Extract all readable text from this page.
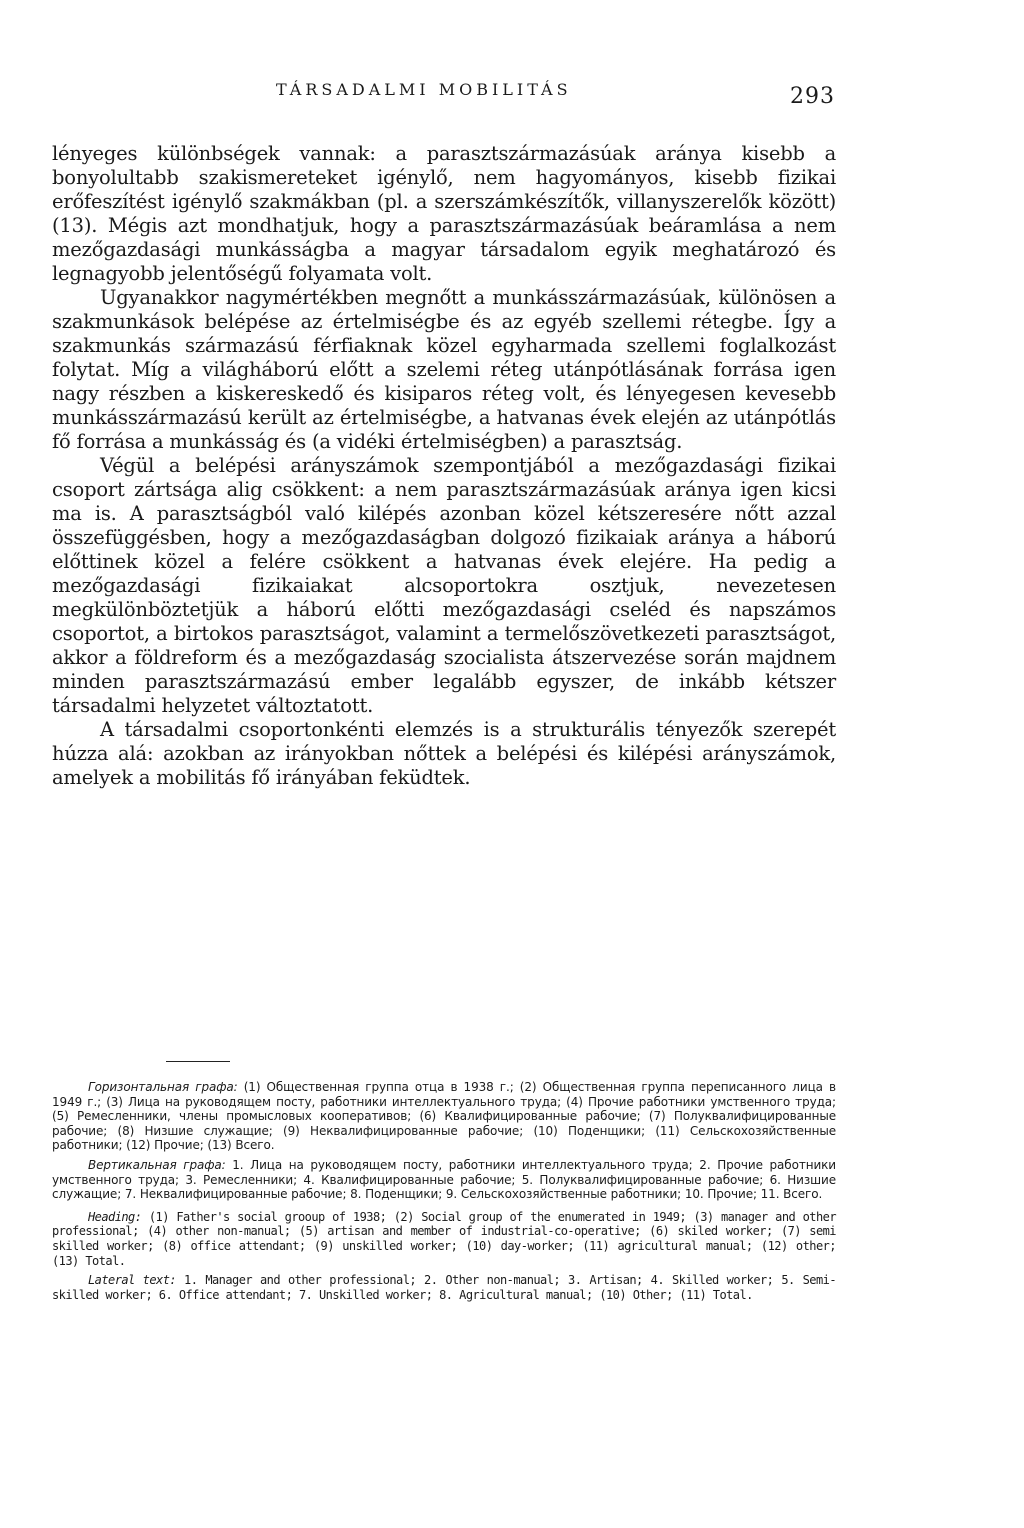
TÁRSADALMI MOBILITÁS	293

lényeges különbségek vannak: a parasztszármazásúak aránya kisebb a bonyolultabb szakismereteket igénylő, nem hagyományos, kisebb fizikai erőfeszítést igénylő szakmákban (pl. a szerszámkészítők, villanyszerelők között) (13). Mégis azt mondhatjuk, hogy a parasztszármazásúak beáramlása a nem mezőgazdasági munkásságba a magyar társadalom egyik meghatározó és legnagyobb jelentőségű folyamata volt.

Ugyanakkor nagymértékben megnőtt a munkásszármazásúak, különösen a szakmunkások belépése az értelmiségbe és az egyéb szellemi rétegbe. Így a szakmunkás származású férfiaknak közel egyharmada szellemi foglalkozást folytat. Míg a világháború előtt a szelemi réteg utánpótlásának forrása igen nagy részben a kiskereskedő és kisiparos réteg volt, és lényegesen kevesebb munkásszármazású került az értelmiségbe, a hatvanas évek elején az utánpótlás fő forrása a munkásság és (a vidéki értelmiségben) a parasztság.

Végül a belépési arányszámok szempontjából a mezőgazdasági fizikai csoport zártsága alig csökkent: a nem parasztszármazásúak aránya igen kicsi ma is. A parasztságból való kilépés azonban közel kétszeresére nőtt azzal összefüggésben, hogy a mezőgazdaságban dolgozó fizikaiak aránya a háború előttinek közel a felére csökkent a hatvanas évek elejére. Ha pedig a mezőgazdasági fizikaiakat alcsoportokra osztjuk, nevezetesen megkülönböztetjük a háború előtti mezőgazdasági cseléd és napszámos csoportot, a birtokos parasztságot, valamint a termelőszövetkezeti parasztságot, akkor a földreform és a mezőgazdaság szocialista átszervezése során majdnem minden parasztszármazású ember legalább egyszer, de inkább kétszer társadalmi helyzetet változtatott.

A társadalmi csoportonkénti elemzés is a strukturális tényezők szerepét húzza alá: azokban az irányokban nőttek a belépési és kilépési arányszámok, amelyek a mobilitás fő irányában feküdtek.

Горизонтальная графа: (1) Общественная группа отца в 1938 г.; (2) Общественная группа переписанного лица в 1949 г.; (3) Лица на руководящем посту, работники интеллектуального труда; (4) Прочие работники умственного труда; (5) Ремесленники, члены промысловых кооперативов; (6) Квалифицированные рабочие; (7) Полуквалифицированные рабочие; (8) Низшие служащие; (9) Неквалифицированные рабочие; (10) Поденщики; (11) Сельскохозяйственные работники; (12) Прочие; (13) Всего.

Вертикальная графа: 1. Лица на руководящем посту, работники интеллектуального труда; 2. Прочие работники умственного труда; 3. Ремесленники; 4. Квалифицированные рабочие; 5. Полуквалифицированные рабочие; 6. Низшие служащие; 7. Неквалифицированные рабочие; 8. Поденщики; 9. Сельскохозяйственные работники; 10. Прочие; 11. Всего.

Heading: (1) Father's social grooup of 1938; (2) Social group of the enumerated in 1949; (3) manager and other professional; (4) other non-manual; (5) artisan and member of industrial-co-operative; (6) skiled worker; (7) semi skilled worker; (8) office attendant; (9) unskilled worker; (10) day-worker; (11) agricultural manual; (12) other; (13) Total.

Lateral text: 1. Manager and other professional; 2. Other non-manual; 3. Artisan; 4. Skilled worker; 5. Semi-skilled worker; 6. Office attendant; 7. Unskilled worker; 8. Agricultural manual; (10) Other; (11) Total.
